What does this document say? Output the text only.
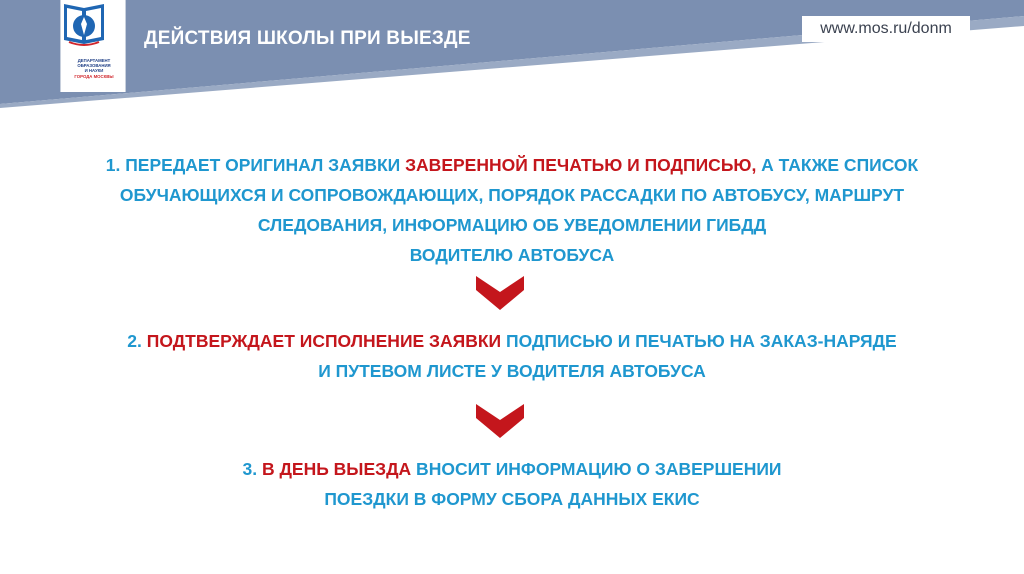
ДЕПАРТАМЕНТ
ОБРАЗОВАНИЯ
И НАУКИ
ГОРОДА МОСКВЫ
ДЕЙСТВИЯ ШКОЛЫ ПРИ ВЫЕЗДЕ	www.mos.ru/donm
8
1. ПЕРЕДАЕТ ОРИГИНАЛ ЗАЯВКИ ЗАВЕРЕННОЙ ПЕЧАТЬЮ И ПОДПИСЬЮ, А ТАКЖЕ СПИСОК
ОБУЧАЮЩИХСЯ И СОПРОВОЖДАЮЩИХ, ПОРЯДОК РАССАДКИ ПО АВТОБУСУ, МАРШРУТ
СЛЕДОВАНИЯ, ИНФОРМАЦИЮ ОБ УВЕДОМЛЕНИИ ГИБДД
ВОДИТЕЛЮ АВТОБУСА
2. ПОДТВЕРЖДАЕТ ИСПОЛНЕНИЕ ЗАЯВКИ ПОДПИСЬЮ И ПЕЧАТЬЮ НА ЗАКАЗ-НАРЯДЕ
И ПУТЕВОМ ЛИСТЕ У ВОДИТЕЛЯ АВТОБУСА
3. В ДЕНЬ ВЫЕЗДА ВНОСИТ ИНФОРМАЦИЮ О ЗАВЕРШЕНИИ
ПОЕЗДКИ В ФОРМУ СБОРА ДАННЫХ ЕКИС
